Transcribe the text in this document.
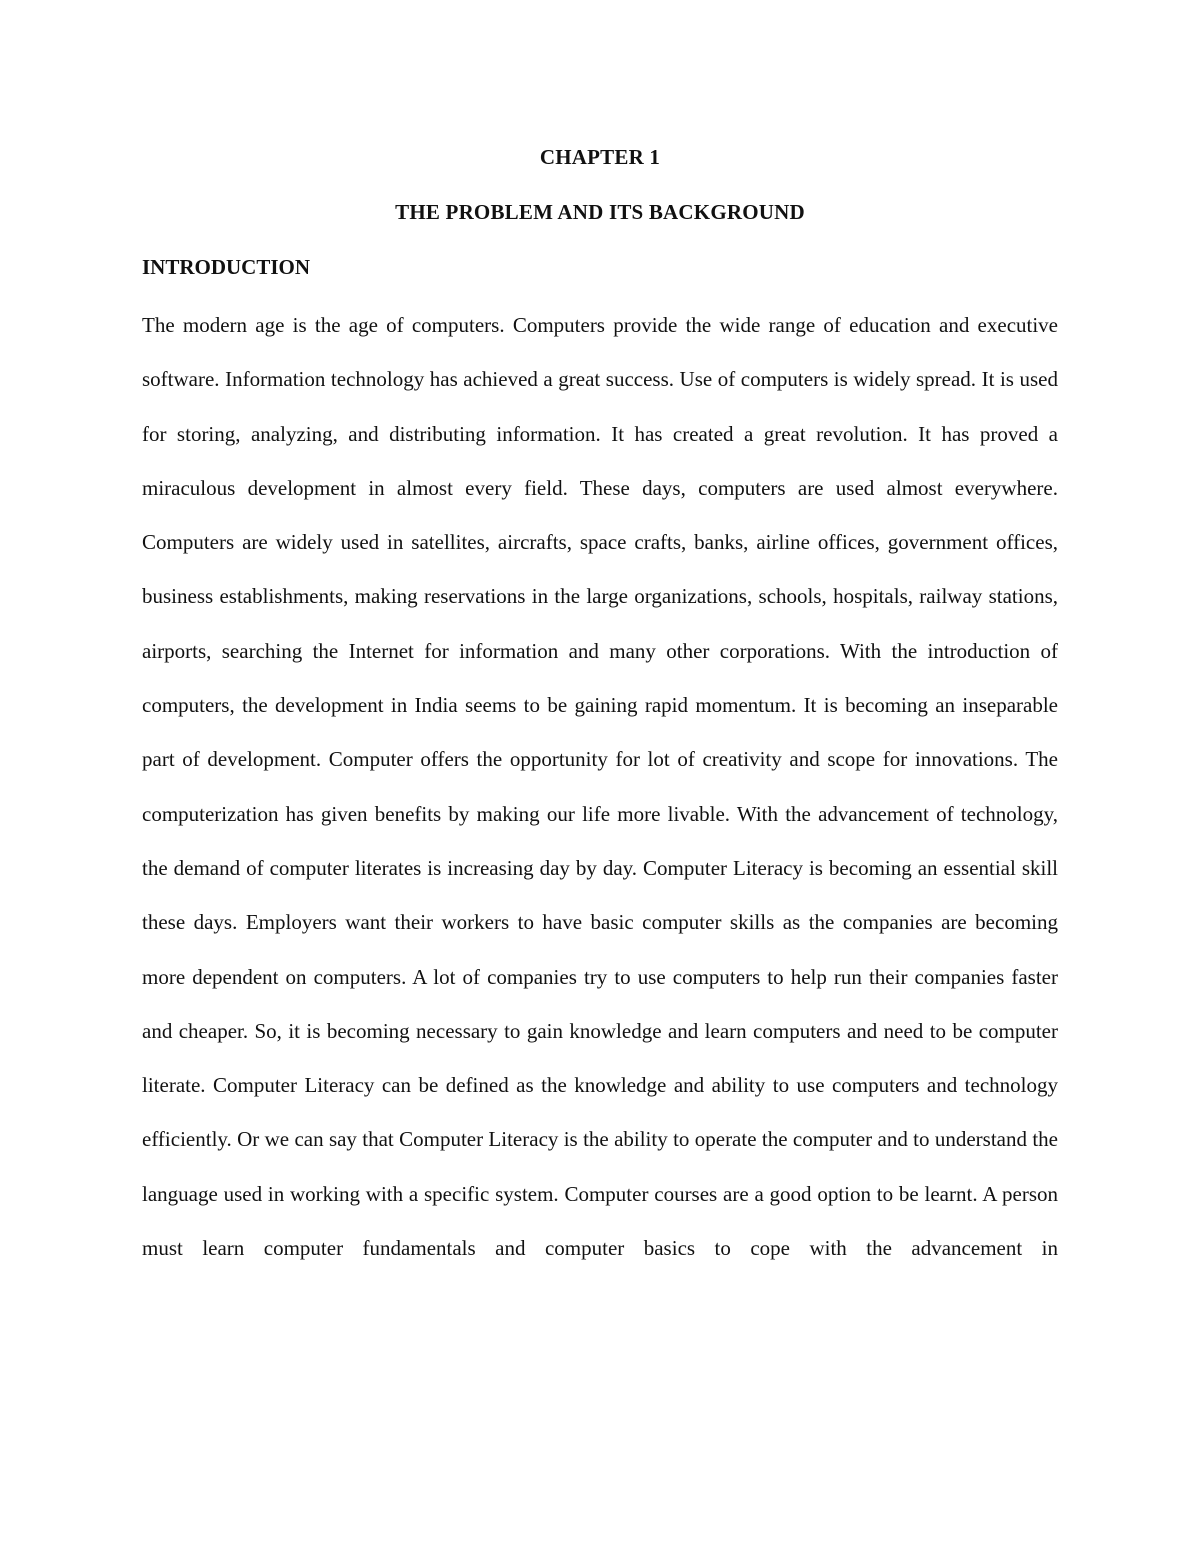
CHAPTER 1
THE PROBLEM AND ITS BACKGROUND
INTRODUCTION

The modern age is the age of computers. Computers provide the wide range of education and executive software. Information technology has achieved a great success. Use of computers is widely spread. It is used for storing, analyzing, and distributing information. It has created a great revolution. It has proved a miraculous development in almost every field. These days, computers are used almost everywhere. Computers are widely used in satellites, aircrafts, space crafts, banks, airline offices, government offices, business establishments, making reservations in the large organizations, schools, hospitals, railway stations, airports, searching the Internet for information and many other corporations. With the introduction of computers, the development in India seems to be gaining rapid momentum. It is becoming an inseparable part of development. Computer offers the opportunity for lot of creativity and scope for innovations. The computerization has given benefits by making our life more livable. With the advancement of technology, the demand of computer literates is increasing day by day. Computer Literacy is becoming an essential skill these days. Employers want their workers to have basic computer skills as the companies are becoming more dependent on computers. A lot of companies try to use computers to help run their companies faster and cheaper. So, it is becoming necessary to gain knowledge and learn computers and need to be computer literate. Computer Literacy can be defined as the knowledge and ability to use computers and technology efficiently. Or we can say that Computer Literacy is the ability to operate the computer and to understand the language used in working with a specific system. Computer courses are a good option to be learnt. A person must learn computer fundamentals and computer basics to cope with the advancement in
